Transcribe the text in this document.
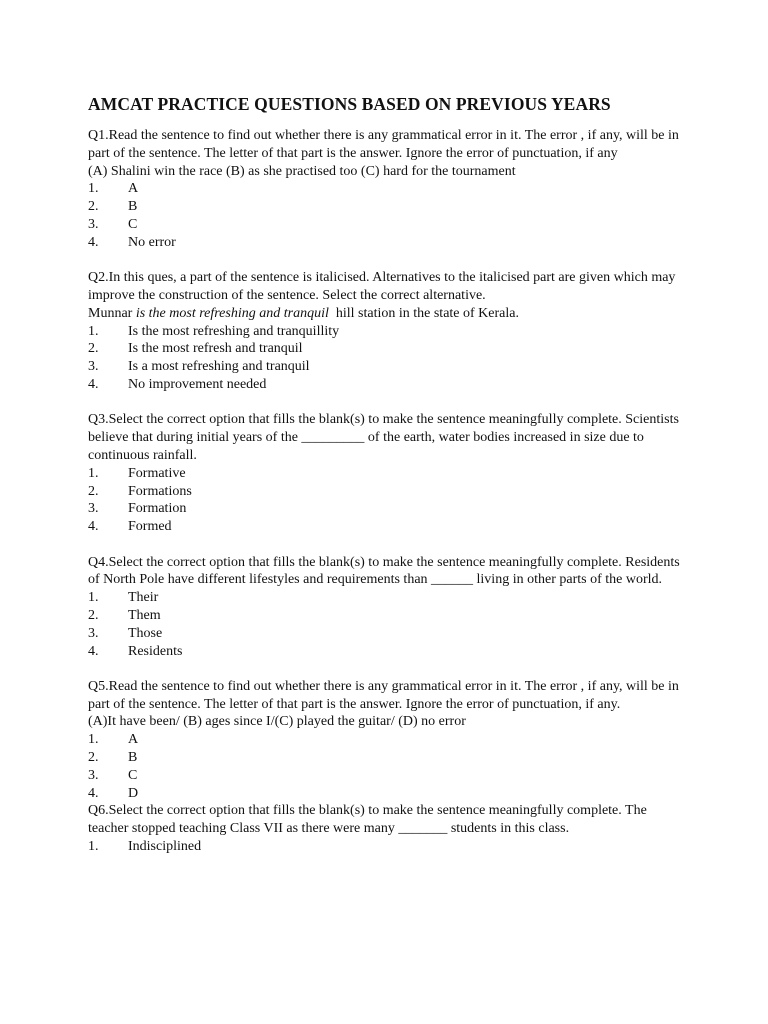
AMCAT PRACTICE QUESTIONS BASED ON PREVIOUS YEARS

Q1.Read the sentence to find out whether there is any grammatical error in it. The error , if any, will be in part of the sentence. The letter of that part is the answer. Ignore the error of punctuation, if any

(A) Shalini win the race (B) as she practised too (C) hard for the tournament

1.	A
2.	B
3.	C
4.	No error

Q2.In this ques, a part of the sentence is italicised. Alternatives to the italicised part are given which may improve the construction of the sentence. Select the correct alternative.

Munnar is the most refreshing and tranquil  hill station in the state of Kerala.

1.	Is the most refreshing and tranquillity
2.	Is the most refresh and tranquil
3.	Is a most refreshing and tranquil
4.	No improvement needed

Q3.Select the correct option that fills the blank(s) to make the sentence meaningfully complete. Scientists believe that during initial years of the _________ of the earth, water bodies increased in size due to continuous rainfall.

1.	Formative
2.	Formations
3.	Formation
4.	Formed

Q4.Select the correct option that fills the blank(s) to make the sentence meaningfully complete. Residents of North Pole have different lifestyles and requirements than ______ living in other parts of the world.

1.	Their
2.	Them
3.	Those
4.	Residents

Q5.Read the sentence to find out whether there is any grammatical error in it. The error , if any, will be in part of the sentence. The letter of that part is the answer. Ignore the error of punctuation, if any.

(A)It have been/ (B) ages since I/(C) played the guitar/ (D) no error

1.	A
2.	B
3.	C
4.	D

Q6.Select the correct option that fills the blank(s) to make the sentence meaningfully complete. The teacher stopped teaching Class VII as there were many _______ students in this class.

1.	Indisciplined
